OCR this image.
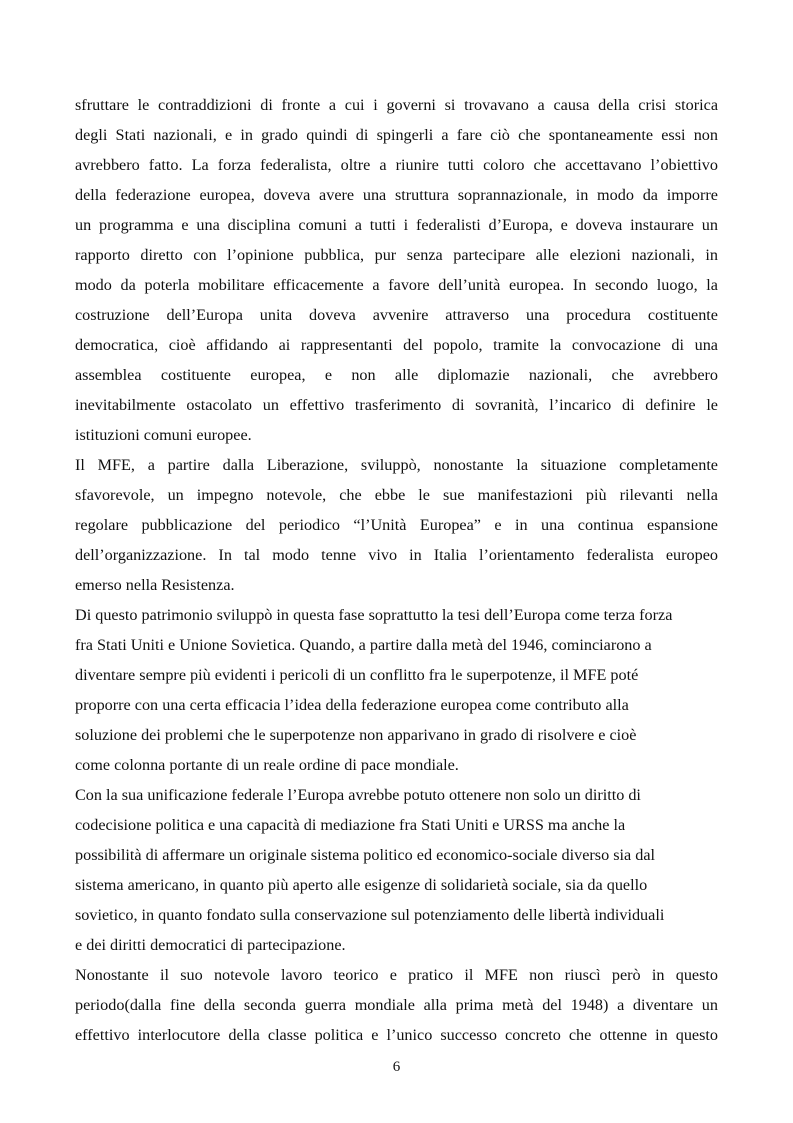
sfruttare le contraddizioni di fronte a cui i governi si trovavano a causa della crisi storica
degli Stati nazionali, e in grado quindi di spingerli a fare ciò che spontaneamente essi non
avrebbero fatto. La forza federalista, oltre a riunire tutti coloro che accettavano l’obiettivo
della federazione europea, doveva avere una struttura soprannazionale, in modo da imporre
un programma e una disciplina comuni a tutti i federalisti d’Europa, e doveva instaurare un
rapporto diretto con l’opinione pubblica, pur senza partecipare alle elezioni nazionali, in
modo da poterla mobilitare efficacemente a favore dell’unità europea. In secondo luogo, la
costruzione dell’Europa unita doveva avvenire attraverso una procedura costituente
democratica, cioè affidando ai rappresentanti del popolo, tramite la convocazione di una
assemblea costituente europea, e non alle diplomazie nazionali, che avrebbero
inevitabilmente ostacolato un effettivo trasferimento di sovranità, l’incarico di definire le
istituzioni comuni europee.

Il MFE, a partire dalla Liberazione, sviluppò, nonostante la situazione completamente
sfavorevole, un impegno notevole, che ebbe le sue manifestazioni più rilevanti nella
regolare pubblicazione del periodico “l’Unità Europea” e in una continua espansione
dell’organizzazione. In tal modo tenne vivo in Italia l’orientamento federalista europeo
emerso nella Resistenza.

Di questo patrimonio sviluppò in questa fase soprattutto la tesi dell’Europa come terza forza
fra Stati Uniti e Unione Sovietica. Quando, a partire dalla metà del 1946, cominciarono a
diventare sempre più evidenti i pericoli di un conflitto fra le superpotenze, il MFE poté
proporre con una certa efficacia l’idea della federazione europea come contributo alla
soluzione dei problemi che le superpotenze non apparivano in grado di risolvere e cioè
come colonna portante di un reale ordine di pace mondiale.

Con la sua unificazione federale l’Europa avrebbe potuto ottenere non solo un diritto di
codecisione politica e una capacità di mediazione fra Stati Uniti e URSS ma anche la
possibilità di affermare un originale sistema politico ed economico-sociale diverso sia dal
sistema americano, in quanto più aperto alle esigenze di solidarietà sociale, sia da quello
sovietico, in quanto fondato sulla conservazione sul potenziamento delle libertà individuali
e dei diritti democratici di partecipazione.

Nonostante il suo notevole lavoro teorico e pratico il MFE non riuscì però in questo
periodo(dalla fine della seconda guerra mondiale alla prima metà del 1948) a diventare un
effettivo interlocutore della classe politica e l’unico successo concreto che ottenne in questo

6
